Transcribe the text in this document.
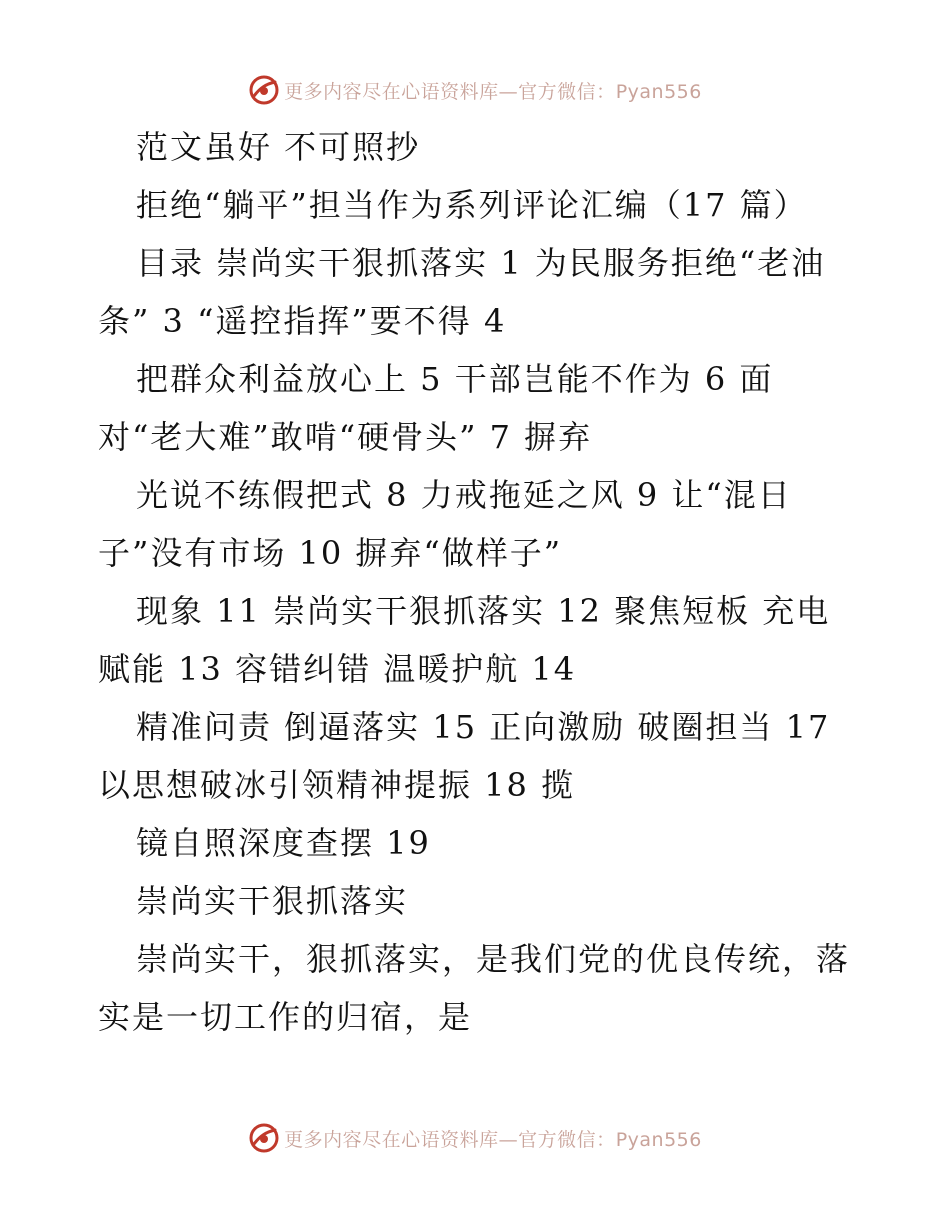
更多内容尽在心语资料库—官方微信：Pyan556
范文虽好 不可照抄
拒绝“躺平”担当作为系列评论汇编（17 篇）
目录 崇尚实干狠抓落实 1 为民服务拒绝“老油
条” 3 “遥控指挥”要不得 4
把群众利益放心上 5 干部岂能不作为 6 面
对“老大难”敢啃“硬骨头” 7 摒弃
光说不练假把式 8 力戒拖延之风 9 让“混日
子”没有市场 10 摒弃“做样子”
现象 11 崇尚实干狠抓落实 12 聚焦短板 充电
赋能 13 容错纠错 温暖护航 14
精准问责 倒逼落实 15 正向激励 破圈担当 17
以思想破冰引领精神提振 18 揽
镜自照深度查摆 19
崇尚实干狠抓落实
崇尚实干，狠抓落实，是我们党的优良传统，落
实是一切工作的归宿，是
更多内容尽在心语资料库—官方微信：Pyan556
